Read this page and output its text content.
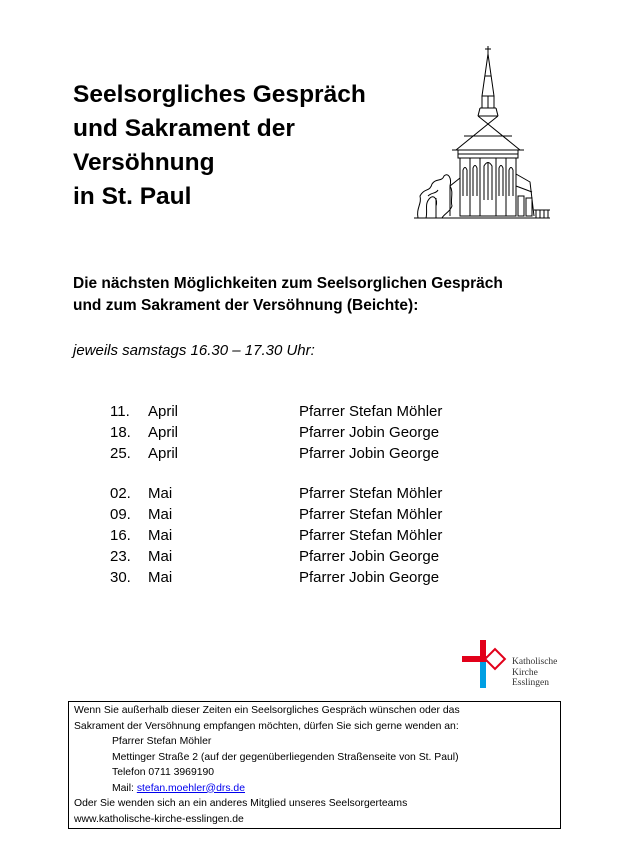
Seelsorgliches Gespräch
und Sakrament der
Versöhnung
in St. Paul
Die nächsten Möglichkeiten zum Seelsorglichen Gespräch
und zum Sakrament der Versöhnung (Beichte):
jeweils samstags 16.30 – 17.30 Uhr:
11. April	Pfarrer Stefan Möhler
18. April	Pfarrer Jobin George
25. April	Pfarrer Jobin George
02. Mai	Pfarrer Stefan Möhler
09. Mai	Pfarrer Stefan Möhler
16. Mai	Pfarrer Stefan Möhler
23. Mai	Pfarrer Jobin George
30. Mai	Pfarrer Jobin George
Katholische
Kirche
Esslingen
Wenn Sie außerhalb dieser Zeiten ein Seelsorgliches Gespräch wünschen oder das
Sakrament der Versöhnung empfangen möchten, dürfen Sie sich gerne wenden an:
Pfarrer Stefan Möhler
Mettinger Straße 2 (auf der gegenüberliegenden Straßenseite von St. Paul)
Telefon 0711 3969190
Mail: stefan.moehler@drs.de
Oder Sie wenden sich an ein anderes Mitglied unseres Seelsorgerteams
www.katholische-kirche-esslingen.de
